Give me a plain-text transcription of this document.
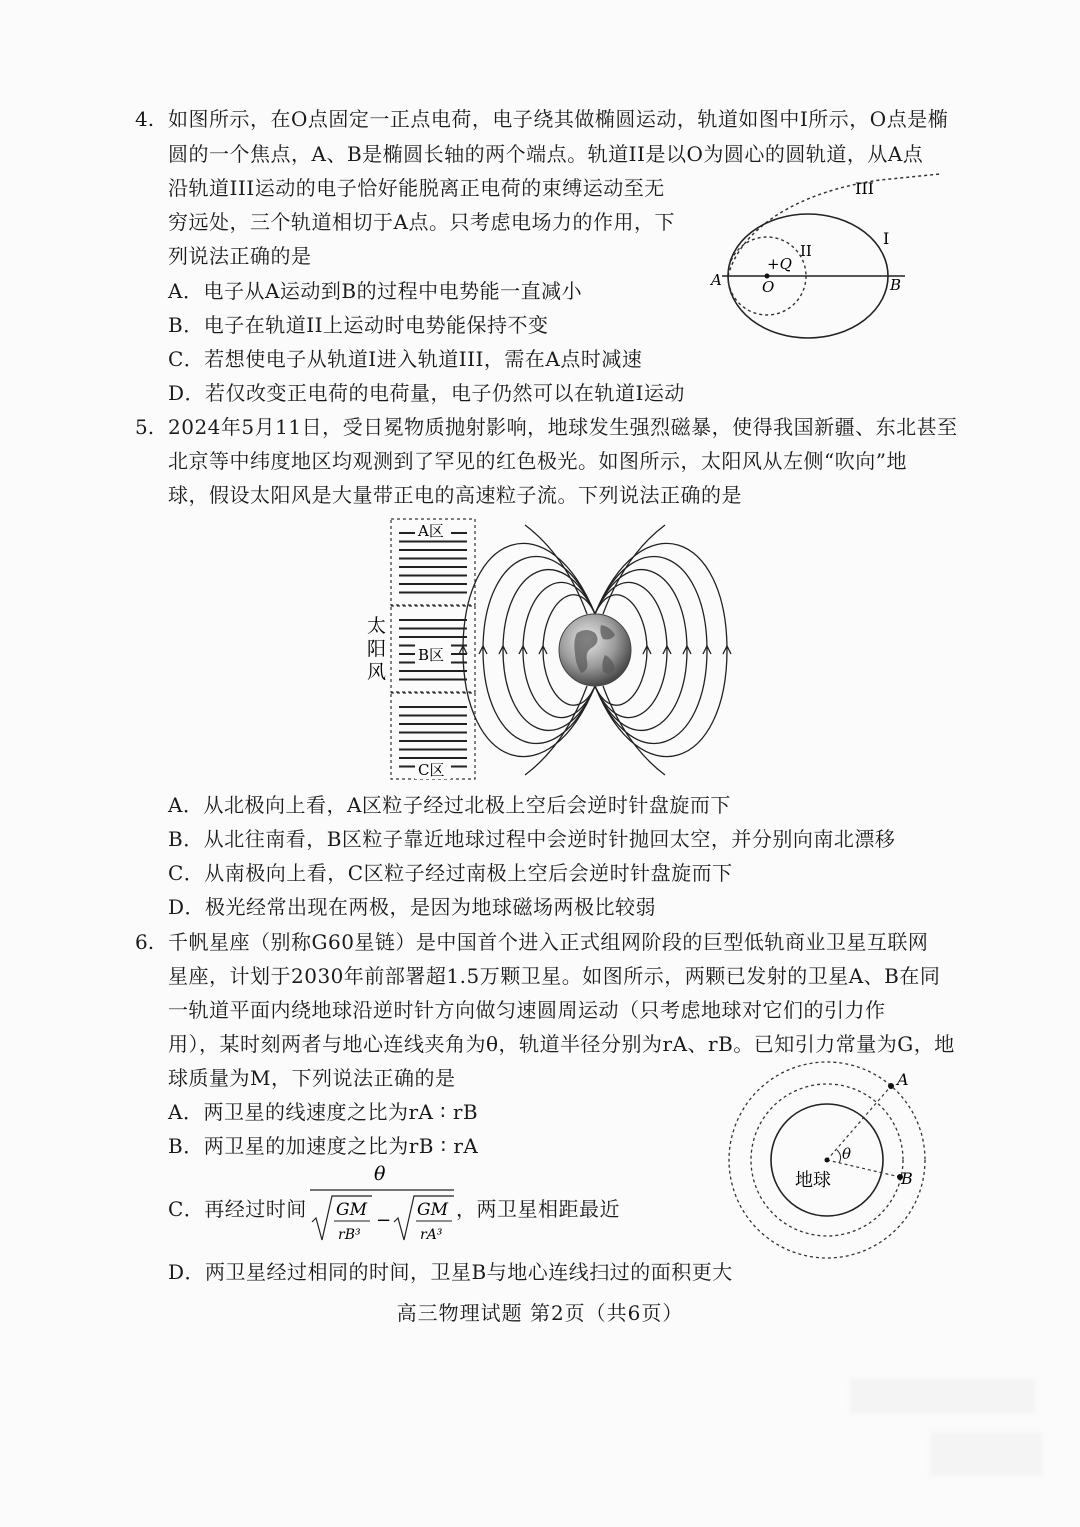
4. 如图所示，在O点固定一正点电荷，电子绕其做椭圆运动，轨道如图中I所示，O点是椭
圆的一个焦点，A、B是椭圆长轴的两个端点。轨道II是以O为圆心的圆轨道，从A点
沿轨道III运动的电子恰好能脱离正电荷的束缚运动至无
穷远处，三个轨道相切于A点。只考虑电场力的作用，下
列说法正确的是
A．电子从A运动到B的过程中电势能一直减小
B．电子在轨道II上运动时电势能保持不变
C．若想使电子从轨道I进入轨道III，需在A点时减速
D．若仅改变正电荷的电荷量，电子仍然可以在轨道I运动
III
I
II
+Q
A	O	B
5. 2024年5月11日，受日冕物质抛射影响，地球发生强烈磁暴，使得我国新疆、东北甚至
北京等中纬度地区均观测到了罕见的红色极光。如图所示，太阳风从左侧“吹向”地
球，假设太阳风是大量带正电的高速粒子流。下列说法正确的是
A区
B区
C区
太
阳
风
A．从北极向上看，A区粒子经过北极上空后会逆时针盘旋而下
B．从北往南看，B区粒子靠近地球过程中会逆时针抛回太空，并分别向南北漂移
C．从南极向上看，C区粒子经过南极上空后会逆时针盘旋而下
D．极光经常出现在两极，是因为地球磁场两极比较弱
6. 千帆星座（别称G60星链）是中国首个进入正式组网阶段的巨型低轨商业卫星互联网
星座，计划于2030年前部署超1.5万颗卫星。如图所示，两颗已发射的卫星A、B在同
一轨道平面内绕地球沿逆时针方向做匀速圆周运动（只考虑地球对它们的引力作
用），某时刻两者与地心连线夹角为θ，轨道半径分别为rA、rB。已知引力常量为G，地
球质量为M，下列说法正确的是
A．两卫星的线速度之比为rA ∶ rB
B．两卫星的加速度之比为rB ∶ rA
C．再经过时间
θ
GM
rB³
− GM
rA³
，两卫星相距最近
D．两卫星经过相同的时间，卫星B与地心连线扫过的面积更大
A
B
θ
地球
高三物理试题 第2页（共6页）
